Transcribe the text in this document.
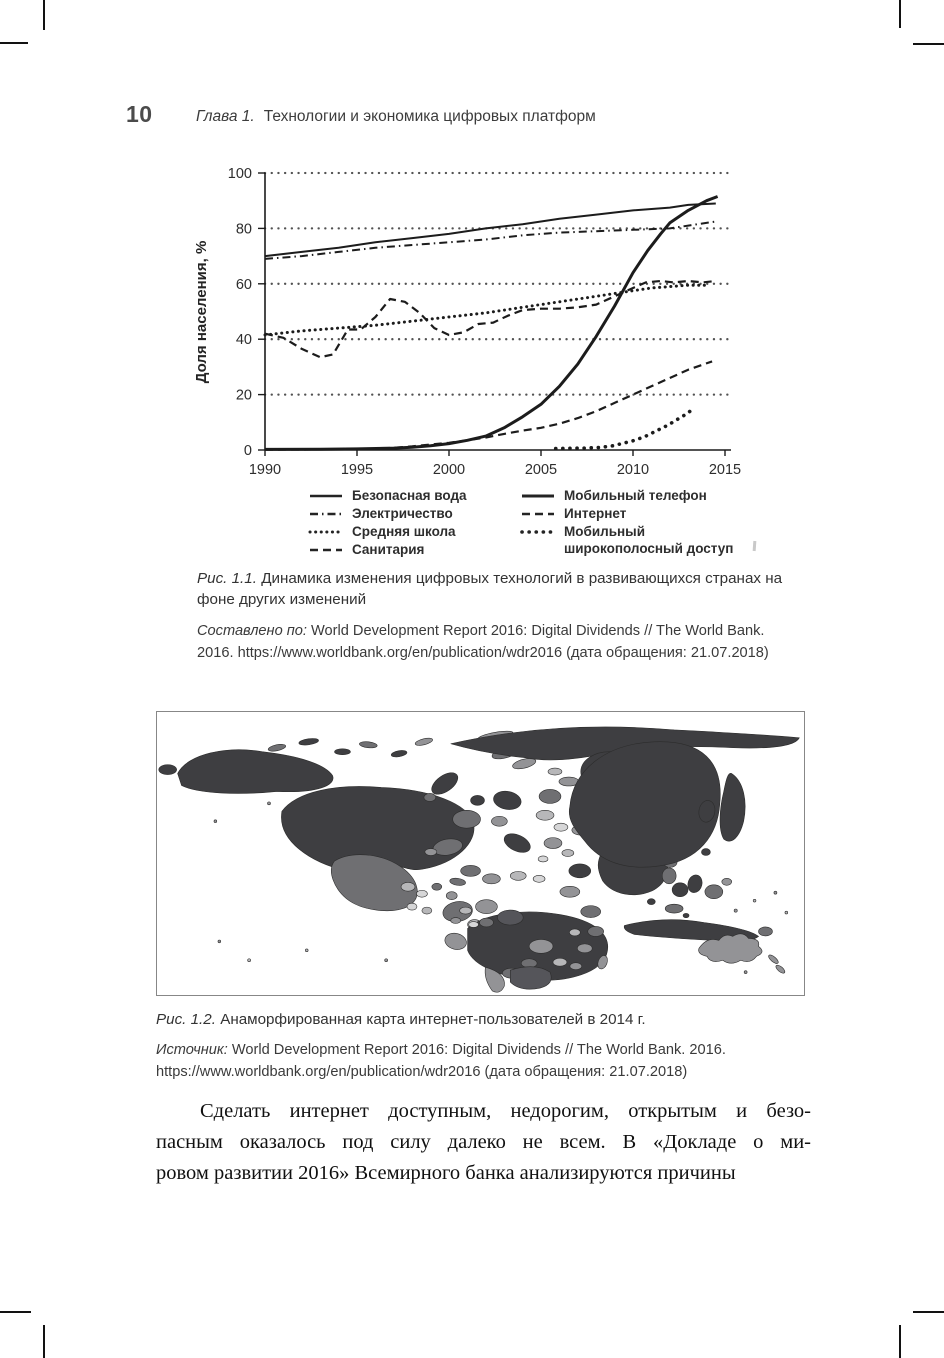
10	Глава 1. Технологии и экономика цифровых платформ
0
20
40
60
80
100
1990	1995	2000	2005	2010	2015
Доля населения, %
Безопасная вода
Электричество
Средняя школа
Санитария
Мобильный телефон
Интернет
Мобильный широкополосный доступ
Рис. 1.1. Динамика изменения цифровых технологий в развивающихся странах на фоне других изменений
Составлено по: World Development Report 2016: Digital Dividends // The World Bank. 2016. https://www.worldbank.org/en/publication/wdr2016 (дата обращения: 21.07.2018)
Рис. 1.2. Анаморфированная карта интернет-пользователей в 2014 г.
Источник: World Development Report 2016: Digital Dividends // The World Bank. 2016. https://www.worldbank.org/en/publication/wdr2016 (дата обращения: 21.07.2018)
Сделать интернет доступным, недорогим, открытым и безо-
пасным оказалось под силу далеко не всем. В «Докладе о ми-
ровом развитии 2016» Всемирного банка анализируются причины
